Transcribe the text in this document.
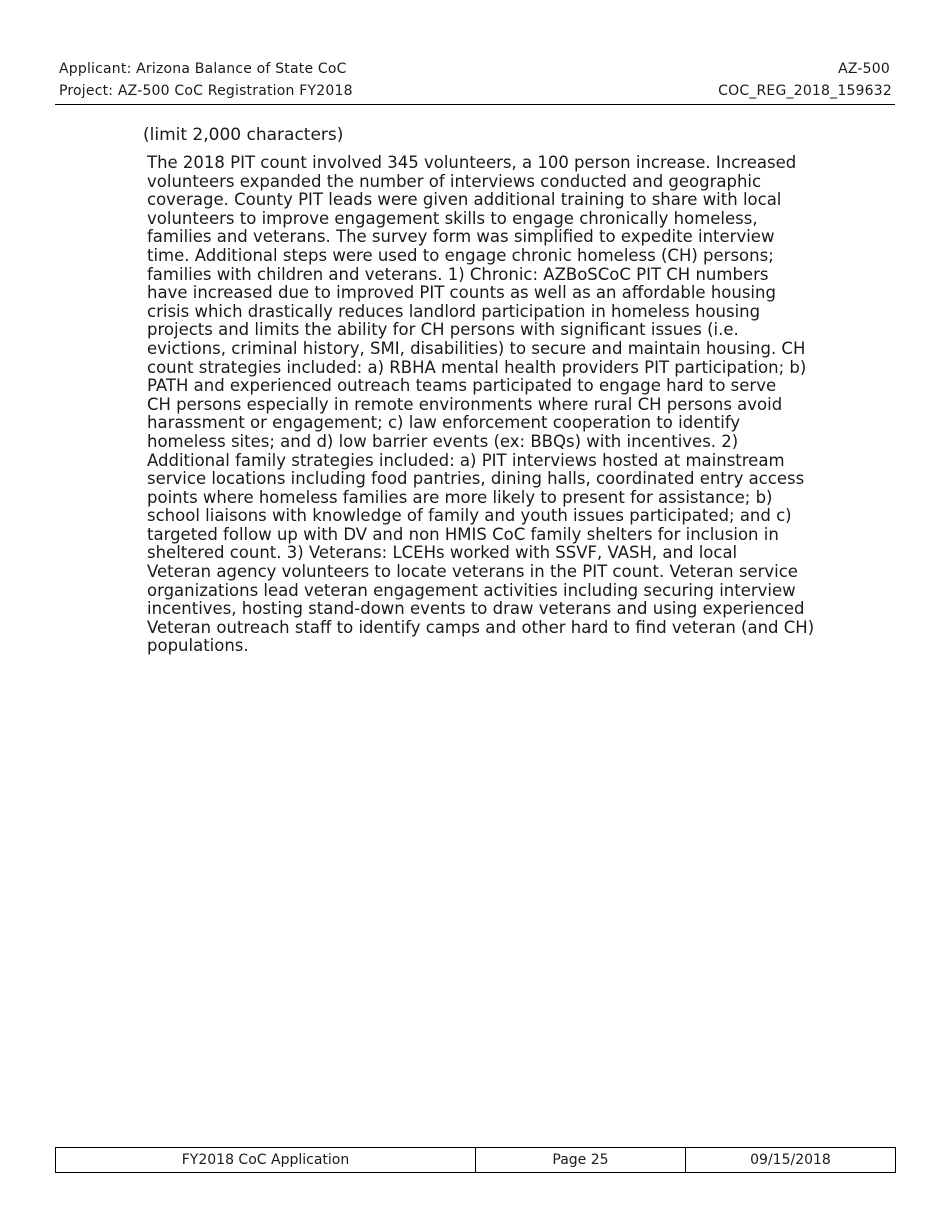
Applicant: Arizona Balance of State CoC
Project: AZ-500 CoC Registration FY2018
AZ-500
COC_REG_2018_159632
(limit 2,000 characters)

The 2018 PIT count involved 345 volunteers, a 100 person increase. Increased
volunteers expanded the number of interviews conducted and geographic
coverage. County PIT leads were given additional training to share with local
volunteers to improve engagement skills to engage chronically homeless,
families and veterans. The survey form was simplified to expedite interview
time. Additional steps were used to engage chronic homeless (CH) persons;
families with children and veterans. 1) Chronic: AZBoSCoC PIT CH numbers
have increased due to improved PIT counts as well as an affordable housing
crisis which drastically reduces landlord participation in homeless housing
projects and limits the ability for CH persons with significant issues (i.e.
evictions, criminal history, SMI, disabilities) to secure and maintain housing. CH
count strategies included: a) RBHA mental health providers PIT participation; b)
PATH and experienced outreach teams participated to engage hard to serve
CH persons especially in remote environments where rural CH persons avoid
harassment or engagement; c) law enforcement cooperation to identify
homeless sites; and d) low barrier events (ex: BBQs) with incentives. 2)
Additional family strategies included: a) PIT interviews hosted at mainstream
service locations including food pantries, dining halls, coordinated entry access
points where homeless families are more likely to present for assistance; b)
school liaisons with knowledge of family and youth issues participated; and c)
targeted follow up with DV and non HMIS CoC family shelters for inclusion in
sheltered count. 3) Veterans: LCEHs worked with SSVF, VASH, and local
Veteran agency volunteers to locate veterans in the PIT count. Veteran service
organizations lead veteran engagement activities including securing interview
incentives, hosting stand-down events to draw veterans and using experienced
Veteran outreach staff to identify camps and other hard to find veteran (and CH)
populations.

FY2018 CoC Application	Page 25	09/15/2018
